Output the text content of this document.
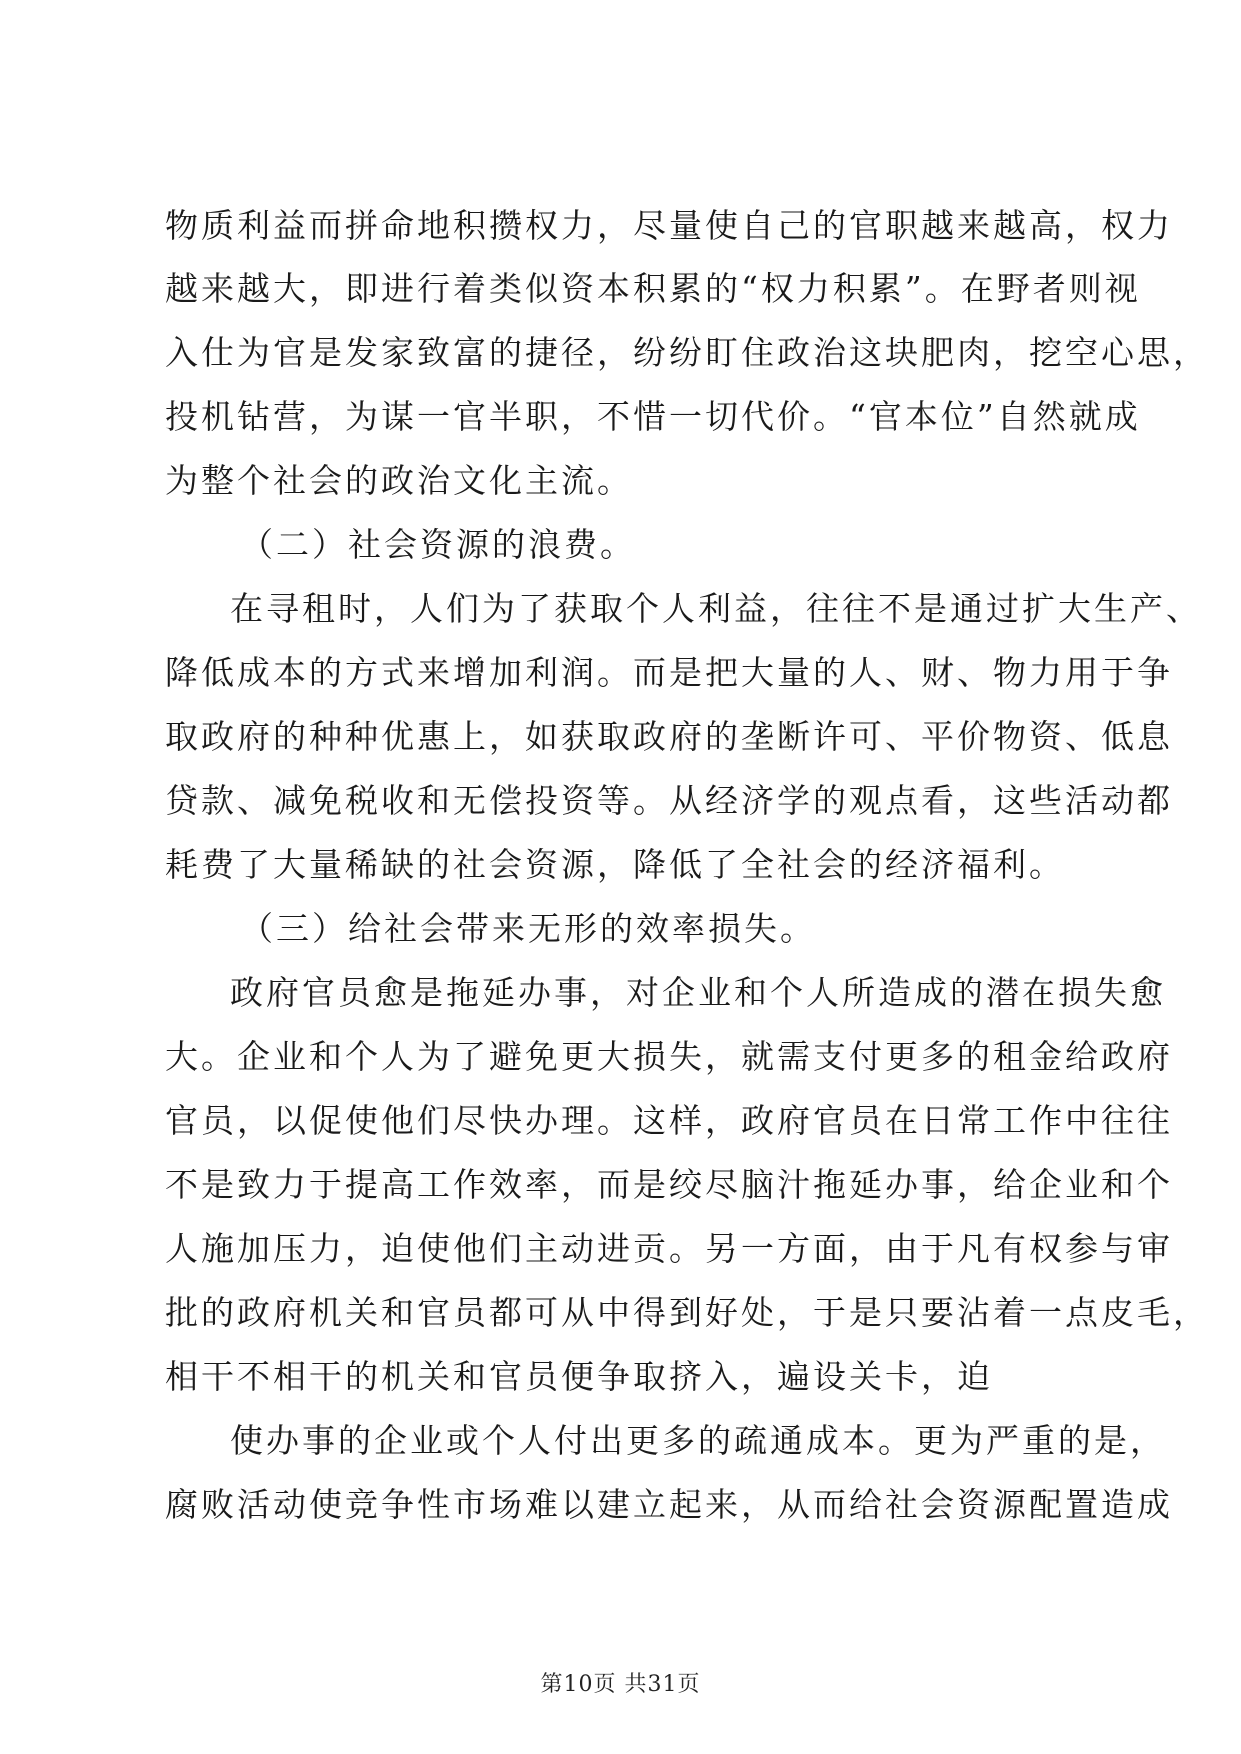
物质利益而拼命地积攒权力，尽量使自己的官职越来越高，权力
越来越大，即进行着类似资本积累的“权力积累”。在野者则视
入仕为官是发家致富的捷径，纷纷盯住政治这块肥肉，挖空心思，
投机钻营，为谋一官半职，不惜一切代价。“官本位”自然就成
为整个社会的政治文化主流。
（二）社会资源的浪费。
在寻租时，人们为了获取个人利益，往往不是通过扩大生产、
降低成本的方式来增加利润。而是把大量的人、财、物力用于争
取政府的种种优惠上，如获取政府的垄断许可、平价物资、低息
贷款、减免税收和无偿投资等。从经济学的观点看，这些活动都
耗费了大量稀缺的社会资源，降低了全社会的经济福利。
（三）给社会带来无形的效率损失。
政府官员愈是拖延办事，对企业和个人所造成的潜在损失愈
大。企业和个人为了避免更大损失，就需支付更多的租金给政府
官员，以促使他们尽快办理。这样，政府官员在日常工作中往往
不是致力于提高工作效率，而是绞尽脑汁拖延办事，给企业和个
人施加压力，迫使他们主动进贡。另一方面，由于凡有权参与审
批的政府机关和官员都可从中得到好处，于是只要沾着一点皮毛，
相干不相干的机关和官员便争取挤入，遍设关卡，迫
使办事的企业或个人付出更多的疏通成本。更为严重的是，
腐败活动使竞争性市场难以建立起来，从而给社会资源配置造成
第10页 共31页
